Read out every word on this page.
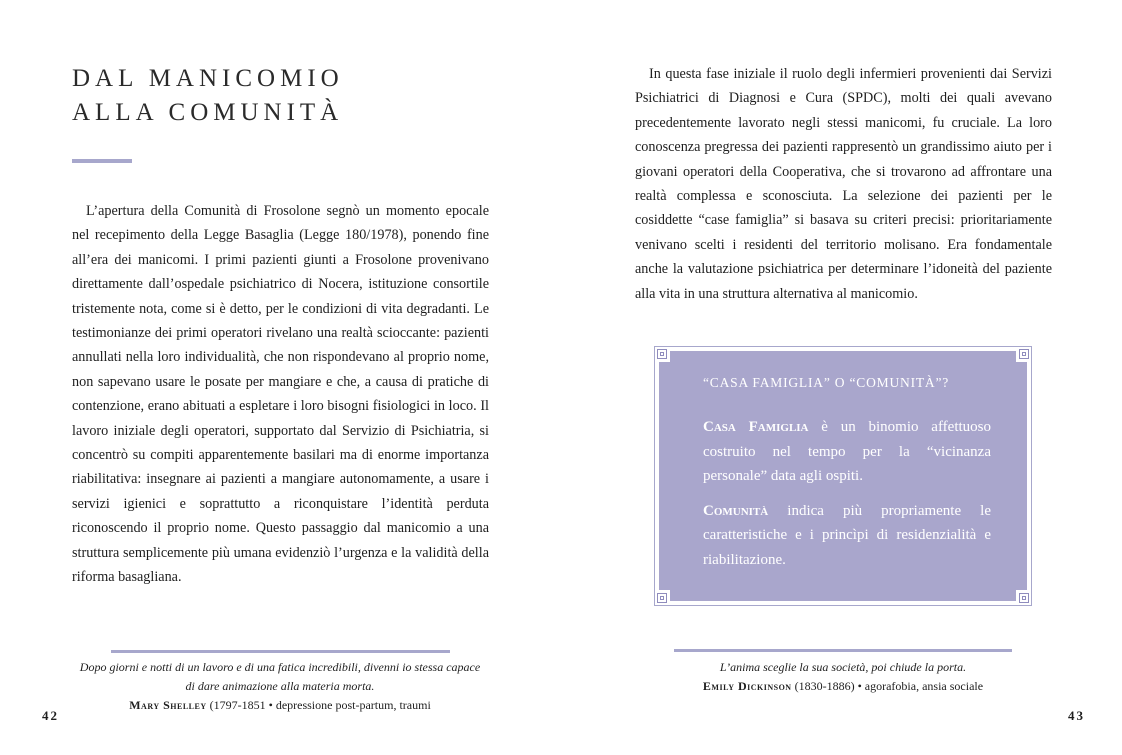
DAL MANICOMIO
ALLA COMUNITÀ

L’apertura della Comunità di Frosolone segnò un momento epocale nel recepimento della Legge Basaglia (Legge 180/1978), ponendo fine all’era dei manicomi. I primi pazienti giunti a Frosolone provenivano direttamente dall’ospedale psichiatrico di Nocera, istituzione consortile tristemente nota, come si è detto, per le condizioni di vita degradanti. Le testimonianze dei primi operatori rivelano una realtà scioccante: pazienti annullati nella loro individualità, che non rispondevano al proprio nome, non sapevano usare le posate per mangiare e che, a causa di pratiche di contenzione, erano abituati a espletare i loro bisogni fisiologici in loco. Il lavoro iniziale degli operatori, supportato dal Servizio di Psichiatria, si concentrò su compiti apparentemente basilari ma di enorme importanza riabilitativa: insegnare ai pazienti a mangiare autonomamente, a usare i servizi igienici e soprattutto a riconquistare l’identità perduta riconoscendo il proprio nome. Questo passaggio dal manicomio a una struttura semplicemente più umana evidenziò l’urgenza e la validità della riforma basagliana.

Dopo giorni e notti di un lavoro e di una fatica incredibili, divenni io stessa capace
di dare animazione alla materia morta.
Mary Shelley (1797-1851 • depressione post-partum, traumi
42

In questa fase iniziale il ruolo degli infermieri provenienti dai Servizi Psichiatrici di Diagnosi e Cura (SPDC), molti dei quali avevano precedentemente lavorato negli stessi manicomi, fu cruciale. La loro conoscenza pregressa dei pazienti rappresentò un grandissimo aiuto per i giovani operatori della Cooperativa, che si trovarono ad affrontare una realtà complessa e sconosciuta. La selezione dei pazienti per le cosiddette “case famiglia” si basava su criteri precisi: prioritariamente venivano scelti i residenti del territorio molisano. Era fondamentale anche la valutazione psichiatrica per determinare l’idoneità del paziente alla vita in una struttura alternativa al manicomio.

“CASA FAMIGLIA” O “COMUNITÀ”?

Casa Famiglia è un binomio affettuoso costruito nel tempo per la “vicinanza personale” data agli ospiti.

Comunità indica più propriamente le caratteristiche e i princìpi di residenzialità e riabilitazione.

L’anima sceglie la sua società, poi chiude la porta.
Emily Dickinson (1830-1886) • agorafobia, ansia sociale
43
